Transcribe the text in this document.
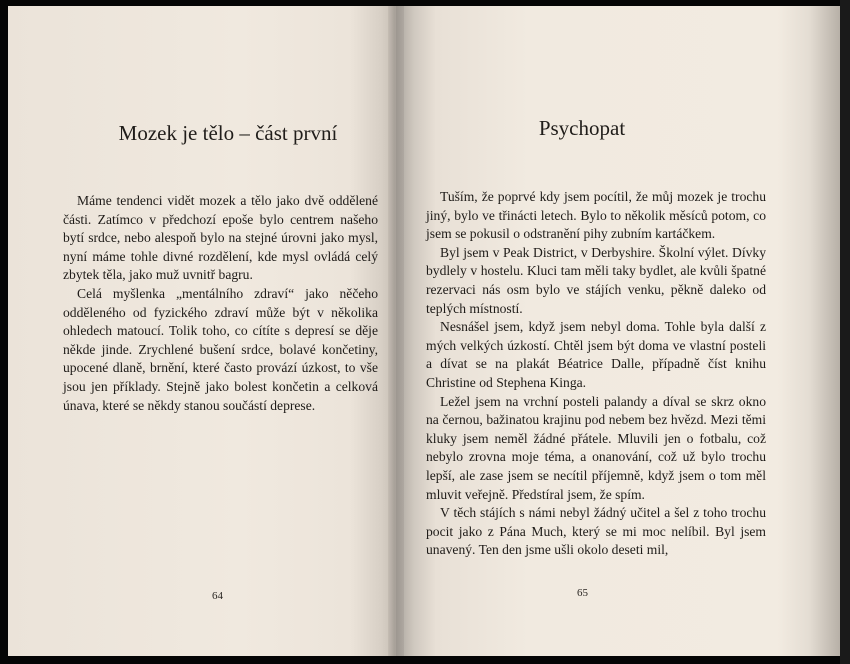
Mozek je tělo – část první

Máme tendenci vidět mozek a tělo jako dvě oddělené části. Zatímco v předchozí epoše bylo centrem našeho bytí srdce, nebo alespoň bylo na stejné úrovni jako mysl, nyní máme tohle divné rozdělení, kde mysl ovládá celý zbytek těla, jako muž uvnitř bagru.

Celá myšlenka „mentálního zdraví“ jako něčeho odděleného od fyzického zdraví může být v několika ohledech matoucí. Tolik toho, co cítíte s depresí se děje někde jinde. Zrychlené bušení srdce, bolavé končetiny, upocené dlaně, brnění, které často provází úzkost, to vše jsou jen příklady. Stejně jako bolest končetin a celková únava, které se někdy stanou součástí deprese.

64
Psychopat

Tuším, že poprvé kdy jsem pocítil, že můj mozek je trochu jiný, bylo ve třinácti letech. Bylo to několik měsíců potom, co jsem se pokusil o odstranění pihy zubním kartáčkem.

Byl jsem v Peak District, v Derbyshire. Školní výlet. Dívky bydlely v hostelu. Kluci tam měli taky bydlet, ale kvůli špatné rezervaci nás osm bylo ve stájích venku, pěkně daleko od teplých místností.

Nesnášel jsem, když jsem nebyl doma. Tohle byla další z mých velkých úzkostí. Chtěl jsem být doma ve vlastní posteli a dívat se na plakát Béatrice Dalle, případně číst knihu Christine od Stephena Kinga.

Ležel jsem na vrchní posteli palandy a díval se skrz okno na černou, bažinatou krajinu pod nebem bez hvězd. Mezi těmi kluky jsem neměl žádné přátele. Mluvili jen o fotbalu, což nebylo zrovna moje téma, a onanování, což už bylo trochu lepší, ale zase jsem se necítil příjemně, když jsem o tom měl mluvit veřejně. Předstíral jsem, že spím.

V těch stájích s námi nebyl žádný učitel a šel z toho trochu pocit jako z Pána Much, který se mi moc nelíbil. Byl jsem unavený. Ten den jsme ušli okolo deseti mil,

65
